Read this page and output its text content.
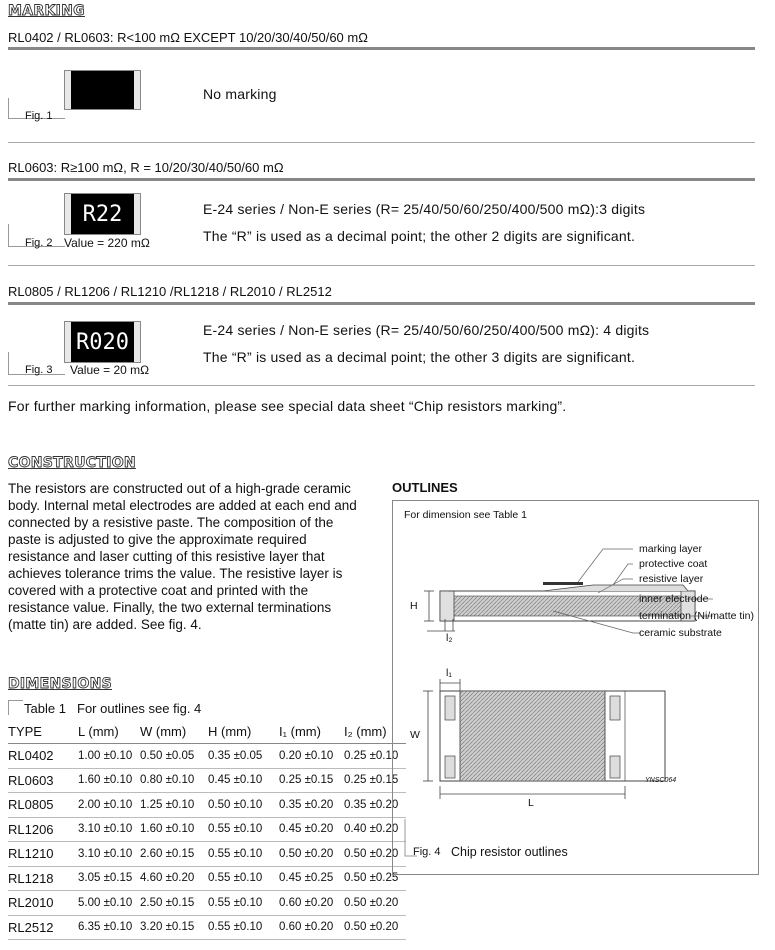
MARKING
RL0402 / RL0603: R<100 mΩ EXCEPT 10/20/30/40/50/60 mΩ
Fig. 1
No marking
RL0603: R≥100 mΩ, R = 10/20/30/40/50/60 mΩ
R22
Fig. 2 Value = 220 mΩ
E-24 series / Non-E series (R= 25/40/50/60/250/400/500 mΩ):3 digits
The “R” is used as a decimal point; the other 2 digits are significant.
RL0805 / RL1206 / RL1210 /RL1218 / RL2010 / RL2512
R020
Fig. 3 Value = 20 mΩ
E-24 series / Non-E series (R= 25/40/50/60/250/400/500 mΩ): 4 digits
The “R” is used as a decimal point; the other 3 digits are significant.
For further marking information, please see special data sheet “Chip resistors marking”.
CONSTRUCTION
The resistors are constructed out of a high-grade ceramic body. Internal metal electrodes are added at each end and connected by a resistive paste. The composition of the paste is adjusted to give the approximate required resistance and laser cutting of this resistive layer that achieves tolerance trims the value. The resistive layer is covered with a protective coat and printed with the resistance value. Finally, the two external terminations (matte tin) are added. See fig. 4.
DIMENSIONS
Table 1 For outlines see fig. 4
TYPE	L (mm)	W (mm)	H (mm)	I₁ (mm)	I₂ (mm)
RL0402	1.00 ±0.10	0.50 ±0.05	0.35 ±0.05	0.20 ±0.10	0.25 ±0.10
RL0603	1.60 ±0.10	0.80 ±0.10	0.45 ±0.10	0.25 ±0.15	0.25 ±0.15
RL0805	2.00 ±0.10	1.25 ±0.10	0.50 ±0.10	0.35 ±0.20	0.35 ±0.20
RL1206	3.10 ±0.10	1.60 ±0.10	0.55 ±0.10	0.45 ±0.20	0.40 ±0.20
RL1210	3.10 ±0.10	2.60 ±0.15	0.55 ±0.10	0.50 ±0.20	0.50 ±0.20
RL1218	3.05 ±0.15	4.60 ±0.20	0.55 ±0.10	0.45 ±0.25	0.50 ±0.25
RL2010	5.00 ±0.10	2.50 ±0.15	0.55 ±0.10	0.60 ±0.20	0.50 ±0.20
RL2512	6.35 ±0.10	3.20 ±0.15	0.55 ±0.10	0.60 ±0.20	0.50 ±0.20
OUTLINES
For dimension see Table 1
marking layer
protective coat
resistive layer
inner electrode
termination (Ni/matte tin)
ceramic substrate
H
l₂
l₁
W
L
YNSC064
Fig. 4 Chip resistor outlines
